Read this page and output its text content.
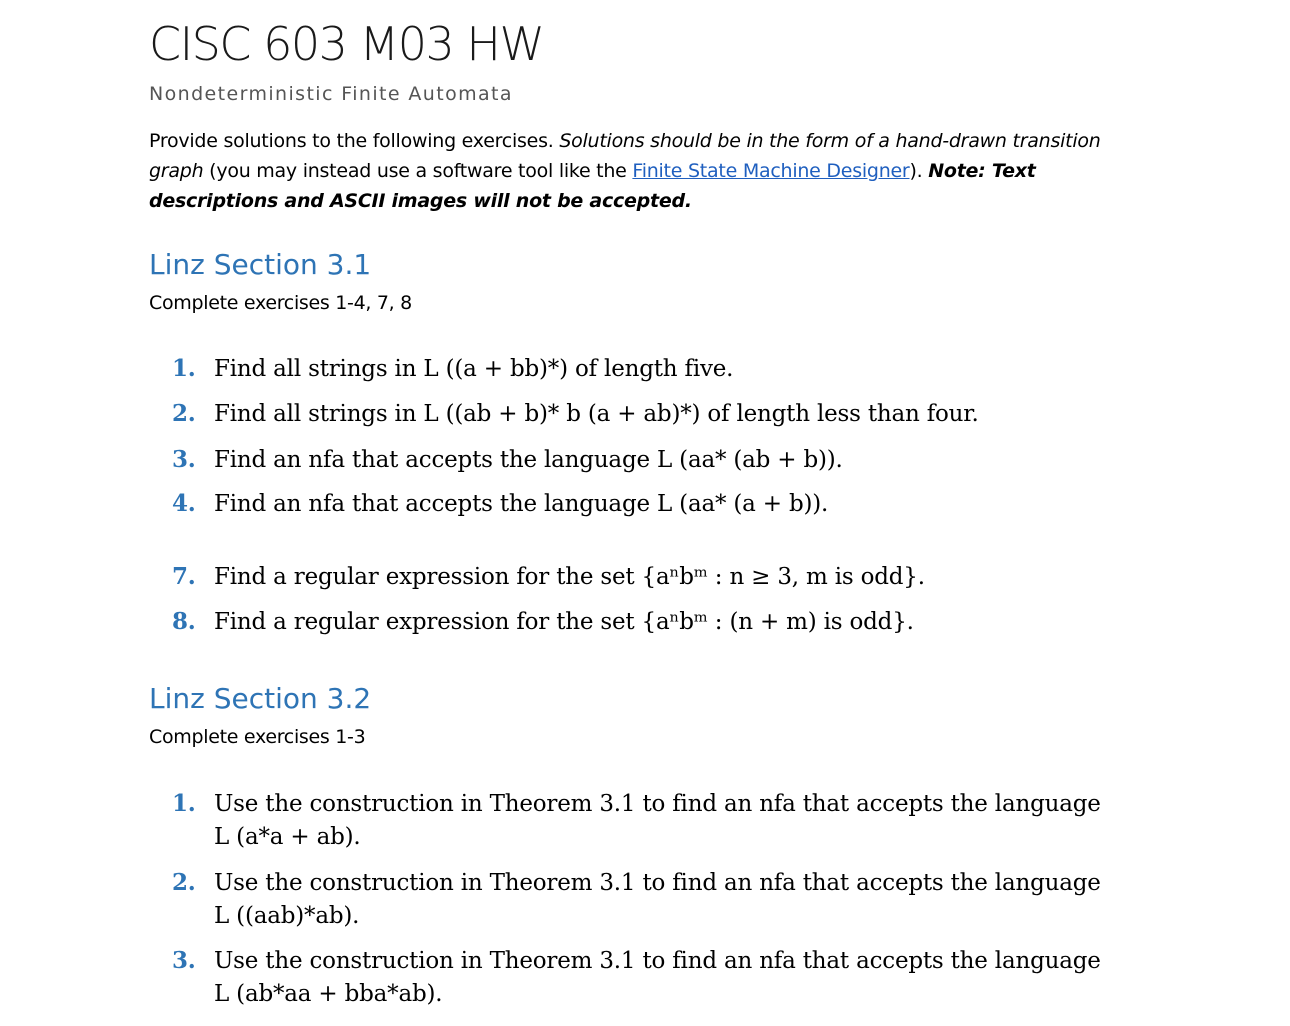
CISC 603 M03 HW
Nondeterministic Finite Automata
Provide solutions to the following exercises. Solutions should be in the form of a hand-drawn transition
graph (you may instead use a software tool like the Finite State Machine Designer). Note: Text
descriptions and ASCII images will not be accepted.
Linz Section 3.1
Complete exercises 1-4, 7, 8
1. Find all strings in L ((a + bb)*) of length five.
2. Find all strings in L ((ab + b)* b (a + ab)*) of length less than four.
3. Find an nfa that accepts the language L (aa* (ab + b)).
4. Find an nfa that accepts the language L (aa* (a + b)).
7. Find a regular expression for the set {aⁿbᵐ : n ≥ 3, m is odd}.
8. Find a regular expression for the set {aⁿbᵐ : (n + m) is odd}.
Linz Section 3.2
Complete exercises 1-3
1. Use the construction in Theorem 3.1 to find an nfa that accepts the language
L (a*a + ab).
2. Use the construction in Theorem 3.1 to find an nfa that accepts the language
L ((aab)*ab).
3. Use the construction in Theorem 3.1 to find an nfa that accepts the language
L (ab*aa + bba*ab).
